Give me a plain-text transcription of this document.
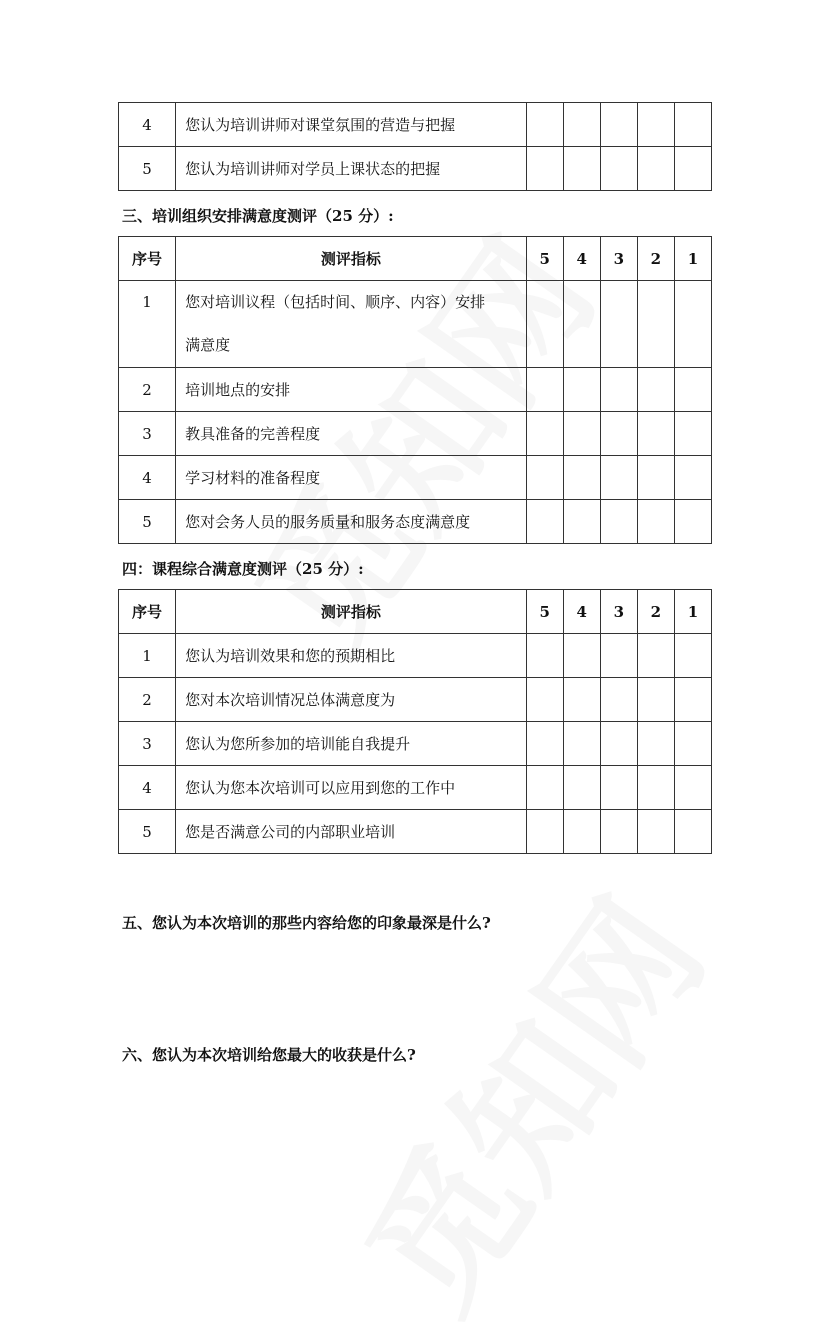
4	您认为培训讲师对课堂氛围的营造与把握					
5	您认为培训讲师对学员上课状态的把握					
三、培训组织安排满意度测评（25 分）:
序号	测评指标	5	4	3	2	1
1	您对培训议程（包括时间、顺序、内容）安排
满意度					

2	培训地点的安排					
3	教具准备的完善程度					
4	学习材料的准备程度					
5	您对会务人员的服务质量和服务态度满意度					
四：课程综合满意度测评（25 分）:
序号	测评指标	5	4	3	2	1
1	您认为培训效果和您的预期相比					
2	您对本次培训情况总体满意度为					
3	您认为您所参加的培训能自我提升					
4	您认为您本次培训可以应用到您的工作中					
5	您是否满意公司的内部职业培训					
五、您认为本次培训的那些内容给您的印象最深是什么?
六、您认为本次培训给您最大的收获是什么?
